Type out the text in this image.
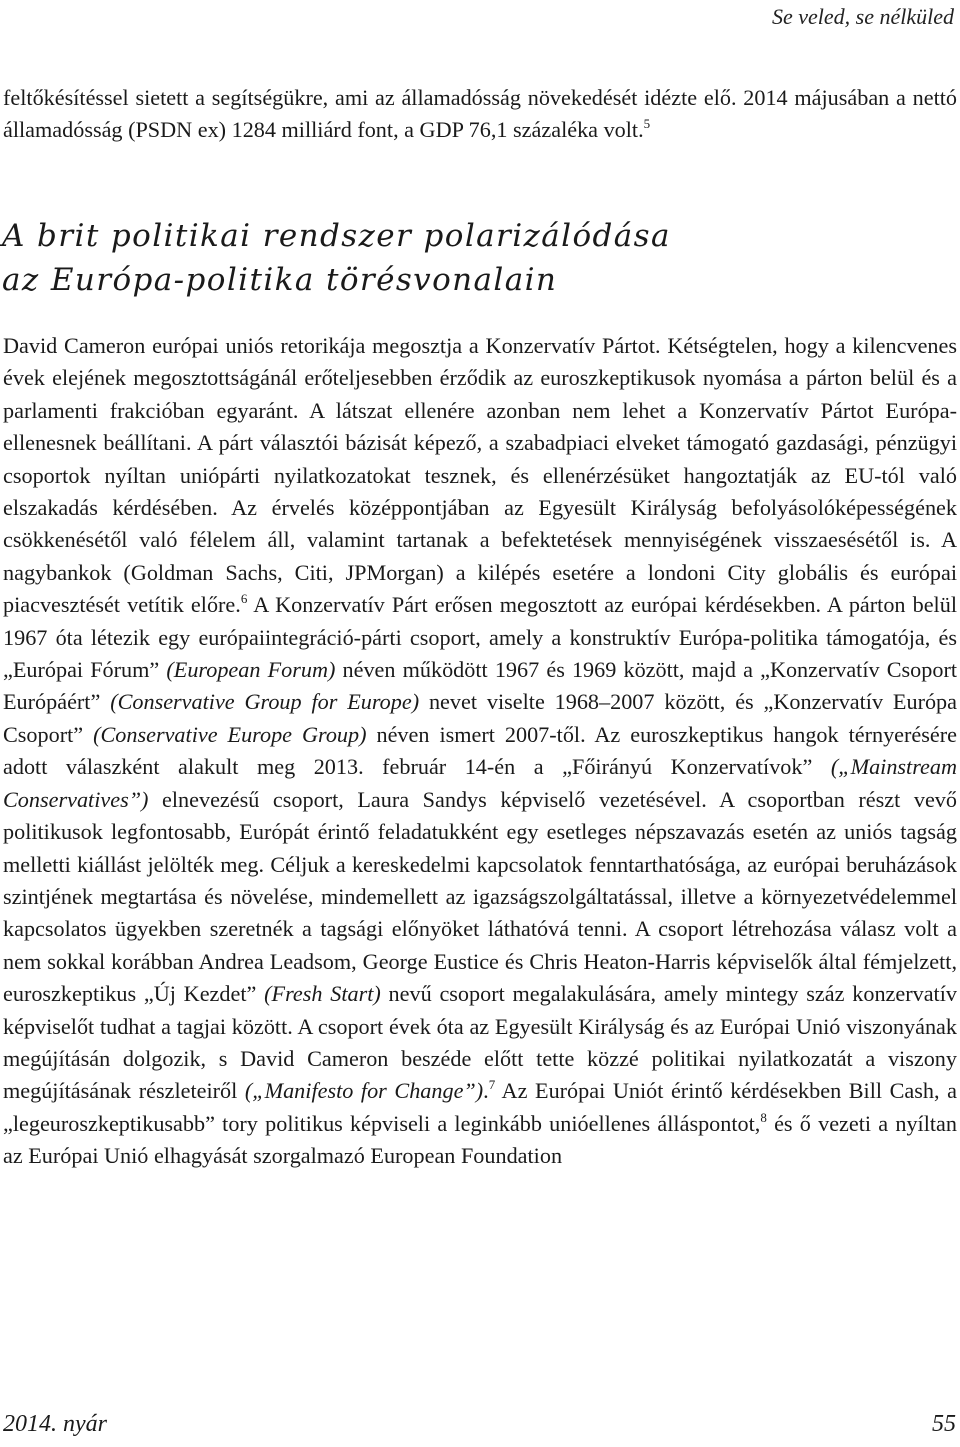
Se veled, se nélküled

feltőkésítéssel sietett a segítségükre, ami az államadósság növekedését idézte elő. 2014 májusában a nettó államadósság (PSDN ex) 1284 milliárd font, a GDP 76,1 százaléka volt.$^5$

A brit politikai rendszer polarizálódása
az Európa-politika törésvonalain

David Cameron európai uniós retorikája megosztja a Konzervatív Pártot. Kétségtelen, hogy a kilencvenes évek elejének megosztottságánál erőteljesebben érződik az euroszkeptikusok nyomása a párton belül és a parlamenti frakcióban egyaránt. A látszat ellenére azonban nem lehet a Konzervatív Pártot Európa-ellenesnek beállítani. A párt választói bázisát képező, a szabadpiaci elveket támogató gazdasági, pénzügyi csoportok nyíltan uniópárti nyilatkozatokat tesznek, és ellenérzésüket hangoztatják az EU-tól való elszakadás kérdésében. Az érvelés középpontjában az Egyesült Királyság befolyásolóképességének csökkenésétől való félelem áll, valamint tartanak a befektetések mennyiségének visszaesésétől is. A nagybankok (Goldman Sachs, Citi, JPMorgan) a kilépés esetére a londoni City globális és európai piacvesztését vetítik előre.$^6$ A Konzervatív Párt erősen megosztott az európai kérdésekben. A párton belül 1967 óta létezik egy európaiintegráció-párti csoport, amely a konstruktív Európa-politika támogatója, és „Európai Fórum” (European Forum) néven működött 1967 és 1969 között, majd a „Konzervatív Csoport Európáért” (Conservative Group for Europe) nevet viselte 1968–2007 között, és „Konzervatív Európa Csoport” (Conservative Europe Group) néven ismert 2007-től. Az euroszkeptikus hangok térnyerésére adott válaszként alakult meg 2013. február 14-én a „Főirányú Konzervatívok” („Mainstream Conservatives”) elnevezésű csoport, Laura Sandys képviselő vezetésével. A csoportban részt vevő politikusok legfontosabb, Európát érintő feladatukként egy esetleges népszavazás esetén az uniós tagság melletti kiállást jelölték meg. Céljuk a kereskedelmi kapcsolatok fenntarthatósága, az európai beruházások szintjének megtartása és növelése, mindemellett az igazságszolgáltatással, illetve a környezetvédelemmel kapcsolatos ügyekben szeretnék a tagsági előnyöket láthatóvá tenni. A csoport létrehozása válasz volt a nem sokkal korábban Andrea Leadsom, George Eustice és Chris Heaton-Harris képviselők által fémjelzett, euroszkeptikus „Új Kezdet” (Fresh Start) nevű csoport megalakulására, amely mintegy száz konzervatív képviselőt tudhat a tagjai között. A csoport évek óta az Egyesült Királyság és az Európai Unió viszonyának megújításán dolgozik, s David Cameron beszéde előtt tette közzé politikai nyilatkozatát a viszony megújításának részleteiről („Manifesto for Change”).$^7$ Az Európai Uniót érintő kérdésekben Bill Cash, a „legeuroszkeptikusabb” tory politikus képviseli a leginkább unióellenes álláspontot,$^8$ és ő vezeti a nyíltan az Európai Unió elhagyását szorgalmazó European Foundation

2014. nyár	55
